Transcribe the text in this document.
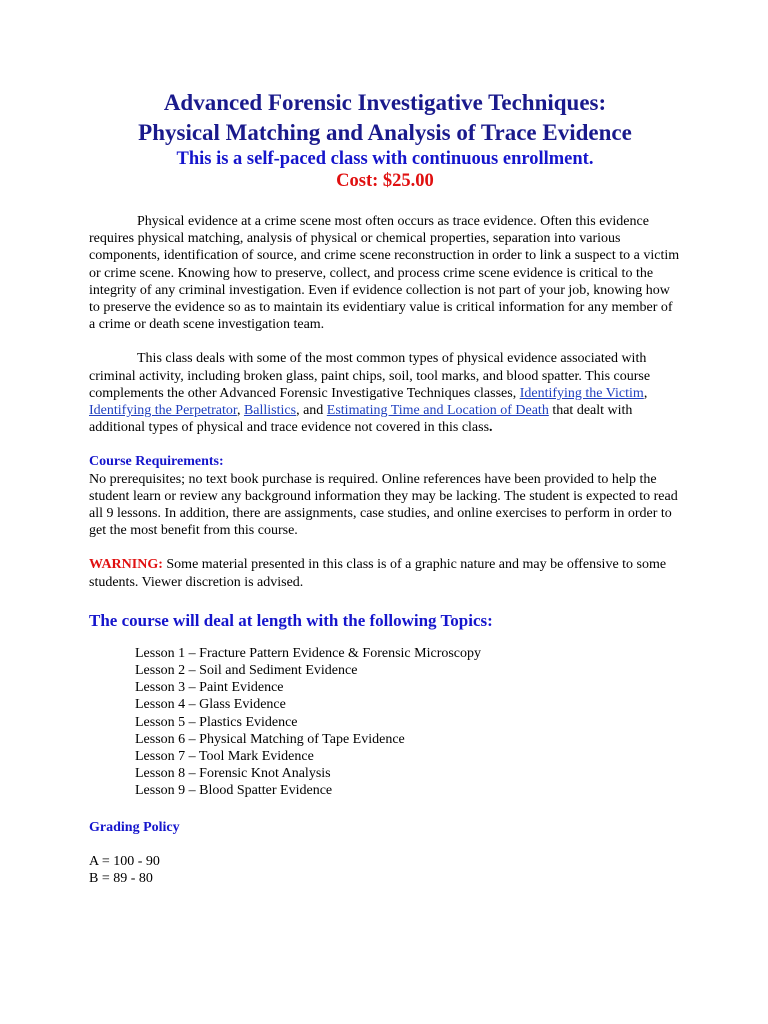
Advanced Forensic Investigative Techniques:

Physical Matching and Analysis of Trace Evidence

This is a self-paced class with continuous enrollment.

Cost: $25.00

Physical evidence at a crime scene most often occurs as trace evidence. Often this evidence requires physical matching, analysis of physical or chemical properties, separation into various components, identification of source, and crime scene reconstruction in order to link a suspect to a victim or crime scene. Knowing how to preserve, collect, and process crime scene evidence is critical to the integrity of any criminal investigation. Even if evidence collection is not part of your job, knowing how to preserve the evidence so as to maintain its evidentiary value is critical information for any member of a crime or death scene investigation team.

This class deals with some of the most common types of physical evidence associated with criminal activity, including broken glass, paint chips, soil, tool marks, and blood spatter. This course complements the other Advanced Forensic Investigative Techniques classes, Identifying the Victim, Identifying the Perpetrator, Ballistics, and Estimating Time and Location of Death that dealt with additional types of physical and trace evidence not covered in this class.

Course Requirements:

No prerequisites; no text book purchase is required. Online references have been provided to help the student learn or review any background information they may be lacking. The student is expected to read all 9 lessons. In addition, there are assignments, case studies, and online exercises to perform in order to get the most benefit from this course.

WARNING: Some material presented in this class is of a graphic nature and may be offensive to some students. Viewer discretion is advised.

The course will deal at length with the following Topics:

Lesson 1 – Fracture Pattern Evidence & Forensic Microscopy
Lesson 2 – Soil and Sediment Evidence
Lesson 3 – Paint Evidence
Lesson 4 – Glass Evidence
Lesson 5 – Plastics Evidence
Lesson 6 – Physical Matching of Tape Evidence
Lesson 7 – Tool Mark Evidence
Lesson 8 – Forensic Knot Analysis
Lesson 9 – Blood Spatter Evidence

Grading Policy

A = 100 - 90
B = 89 - 80
